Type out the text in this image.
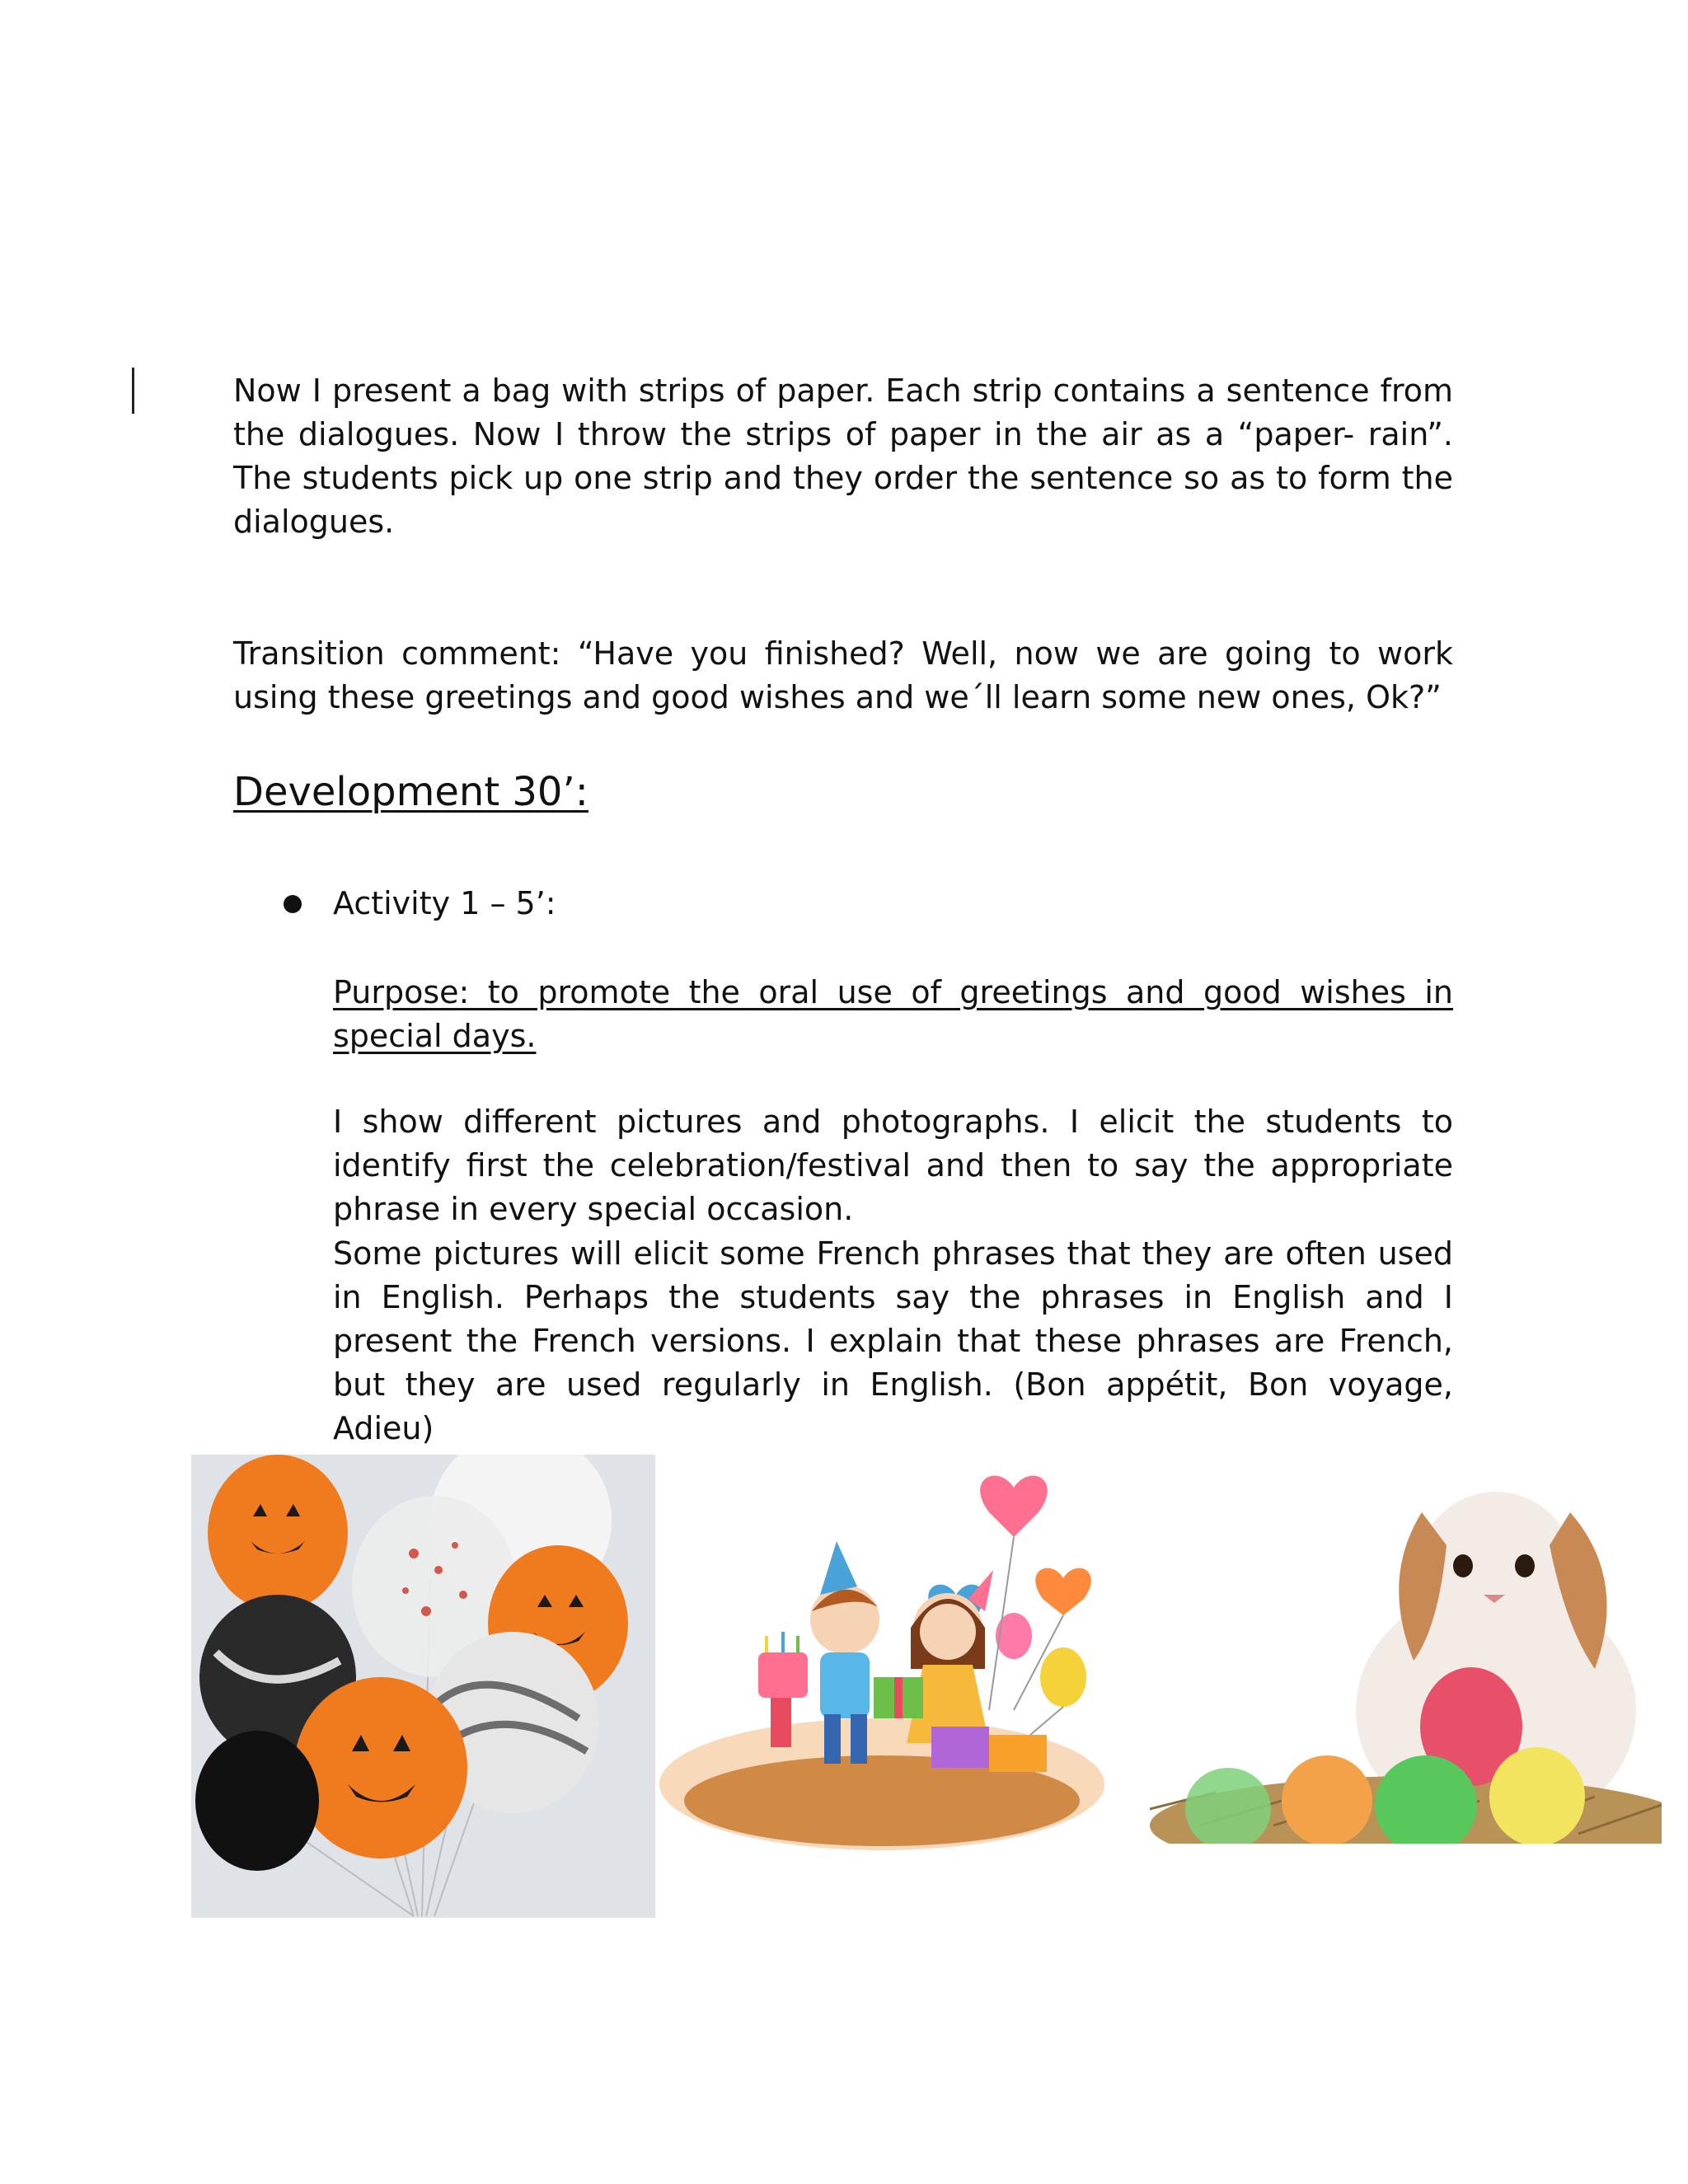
Now I present a bag with strips of paper. Each strip contains a sentence from the dialogues. Now I throw the strips of paper in the air as a “paper- rain”. The students pick up one strip and they order the sentence so as to form the dialogues.

Transition comment: “Have you finished? Well, now we are going to work using these greetings and good wishes and we´ll learn some new ones, Ok?”

Development 30’:
Activity 1 – 5’:

Purpose: to promote the oral use of greetings and good wishes in special days.

I show different pictures and photographs. I elicit the students to identify first the celebration/festival and then to say the appropriate phrase in every special occasion.

Some pictures will elicit some French phrases that they are often used in English. Perhaps the students say the phrases in English and I present the French versions. I explain that these phrases are French, but they are used regularly in English. (Bon appétit, Bon voyage, Adieu)
